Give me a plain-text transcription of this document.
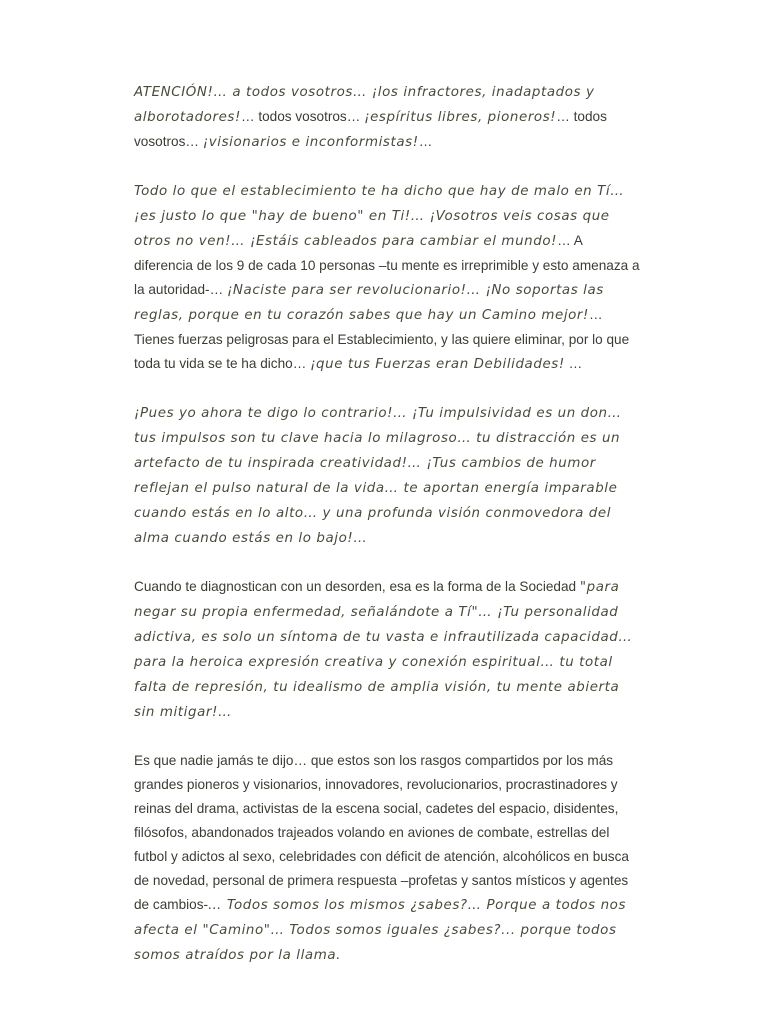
ATENCIÓN!… a todos vosotros… ¡los infractores, inadaptados y alborotadores!… todos vosotros… ¡espíritus libres, pioneros!… todos vosotros… ¡visionarios e inconformistas!…

Todo lo que el establecimiento te ha dicho que hay de malo en Tí… ¡es justo lo que "hay de bueno" en Ti!… ¡Vosotros veis cosas que otros no ven!… ¡Estáis cableados para cambiar el mundo!… A diferencia de los 9 de cada 10 personas –tu mente es irreprimible y esto amenaza a la autoridad-… ¡Naciste para ser revolucionario!… ¡No soportas las reglas, porque en tu corazón sabes que hay un Camino mejor!… Tienes fuerzas peligrosas para el Establecimiento, y las quiere eliminar, por lo que toda tu vida se te ha dicho… ¡que tus Fuerzas eran Debilidades! …

¡Pues yo ahora te digo lo contrario!… ¡Tu impulsividad es un don… tus impulsos son tu clave hacia lo milagroso… tu distracción es un artefacto de tu inspirada creatividad!… ¡Tus cambios de humor reflejan el pulso natural de la vida… te aportan energía imparable cuando estás en lo alto… y una profunda visión conmovedora del alma cuando estás en lo bajo!…

Cuando te diagnostican con un desorden, esa es la forma de la Sociedad "para negar su propia enfermedad, señalándote a Tí"… ¡Tu personalidad adictiva, es solo un síntoma de tu vasta e infrautilizada capacidad… para la heroica expresión creativa y conexión espiritual… tu total falta de represión, tu idealismo de amplia visión, tu mente abierta sin mitigar!…

Es que nadie jamás te dijo… que estos son los rasgos compartidos por los más grandes pioneros y visionarios, innovadores, revolucionarios, procrastinadores y reinas del drama, activistas de la escena social, cadetes del espacio, disidentes, filósofos, abandonados trajeados volando en aviones de combate, estrellas del futbol y adictos al sexo, celebridades con déficit de atención, alcohólicos en busca de novedad, personal de primera respuesta –profetas y santos místicos y agentes de cambios-… Todos somos los mismos ¿sabes?… Porque a todos nos afecta el "Camino"… Todos somos iguales ¿sabes?... porque todos somos atraídos por la llama.
